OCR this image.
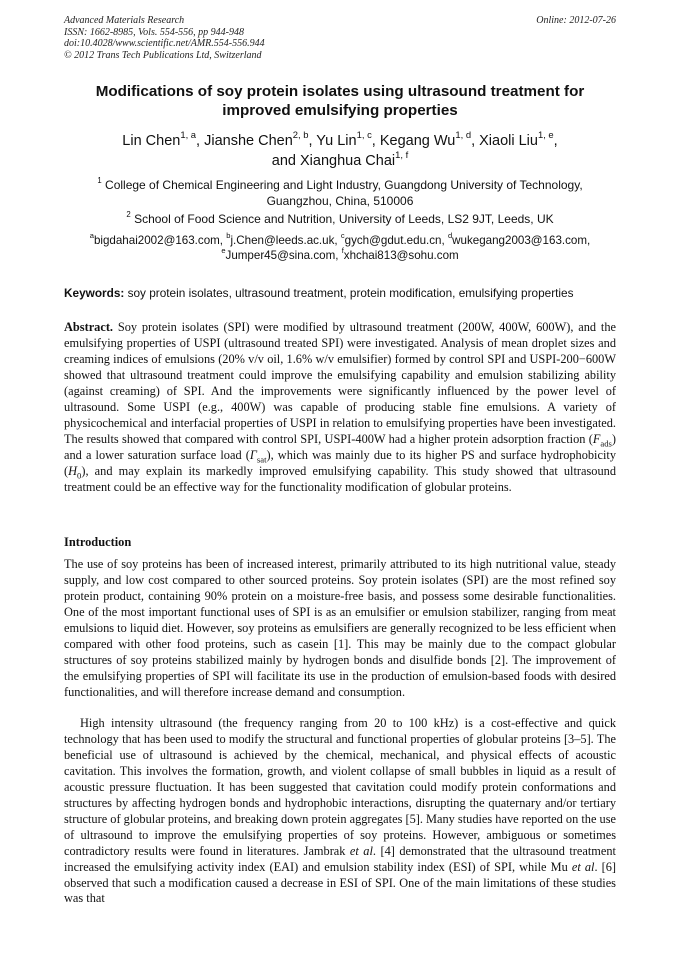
Advanced Materials Research
ISSN: 1662-8985, Vols. 554-556, pp 944-948
doi:10.4028/www.scientific.net/AMR.554-556.944
© 2012 Trans Tech Publications Ltd, Switzerland
Online: 2012-07-26
Modifications of soy protein isolates using ultrasound treatment for
improved emulsifying properties
Lin Chen$^{1, a}$, Jianshe Chen$^{2, b}$, Yu Lin$^{1, c}$, Kegang Wu$^{1, d}$, Xiaoli Liu$^{1, e}$,
and Xianghua Chai$^{1, f}$
$^1$ College of Chemical Engineering and Light Industry, Guangdong University of Technology,
Guangzhou, China, 510006
$^2$ School of Food Science and Nutrition, University of Leeds, LS2 9JT, Leeds, UK
$^a$bigdahai2002@163.com, $^b$j.Chen@leeds.ac.uk, $^c$gych@gdut.edu.cn, $^d$wukegang2003@163.com,
$^e$Jumper45@sina.com, $^f$xhchai813@sohu.com
Keywords: soy protein isolates, ultrasound treatment, protein modification, emulsifying properties

Abstract. Soy protein isolates (SPI) were modified by ultrasound treatment (200W, 400W, 600W), and the emulsifying properties of USPI (ultrasound treated SPI) were investigated. Analysis of mean droplet sizes and creaming indices of emulsions (20% v/v oil, 1.6% w/v emulsifier) formed by control SPI and USPI-200−600W showed that ultrasound treatment could improve the emulsifying capability and emulsion stabilizing ability (against creaming) of SPI. And the improvements were significantly influenced by the power level of ultrasound. Some USPI (e.g., 400W) was capable of producing stable fine emulsions. A variety of physicochemical and interfacial properties of USPI in relation to emulsifying properties have been investigated. The results showed that compared with control SPI, USPI-400W had a higher protein adsorption fraction $(F_{ads})$ and a lower saturation surface load $(\Gamma_{sat})$, which was mainly due to its higher PS and surface hydrophobicity $(H_0)$, and may explain its markedly improved emulsifying capability. This study showed that ultrasound treatment could be an effective way for the functionality modification of globular proteins.

Introduction

The use of soy proteins has been of increased interest, primarily attributed to its high nutritional value, steady supply, and low cost compared to other sourced proteins. Soy protein isolates (SPI) are the most refined soy protein product, containing 90% protein on a moisture-free basis, and possess some desirable functionalities. One of the most important functional uses of SPI is as an emulsifier or emulsion stabilizer, ranging from meat emulsions to liquid diet. However, soy proteins as emulsifiers are generally recognized to be less efficient when compared with other food proteins, such as casein [1]. This may be mainly due to the compact globular structures of soy proteins stabilized mainly by hydrogen bonds and disulfide bonds [2]. The improvement of the emulsifying properties of SPI will facilitate its use in the production of emulsion-based foods with desired functionalities, and will therefore increase demand and consumption.

High intensity ultrasound (the frequency ranging from 20 to 100 kHz) is a cost-effective and quick technology that has been used to modify the structural and functional properties of globular proteins [3–5]. The beneficial use of ultrasound is achieved by the chemical, mechanical, and physical effects of acoustic cavitation. This involves the formation, growth, and violent collapse of small bubbles in liquid as a result of acoustic pressure fluctuation. It has been suggested that cavitation could modify protein conformations and structures by affecting hydrogen bonds and hydrophobic interactions, disrupting the quaternary and/or tertiary structure of globular proteins, and breaking down protein aggregates [5]. Many studies have reported on the use of ultrasound to improve the emulsifying properties of soy proteins. However, ambiguous or sometimes contradictory results were found in literatures. Jambrak et al. [4] demonstrated that the ultrasound treatment increased the emulsifying activity index (EAI) and emulsion stability index (ESI) of SPI, while Mu et al. [6] observed that such a modification caused a decrease in ESI of SPI. One of the main limitations of these studies was that
